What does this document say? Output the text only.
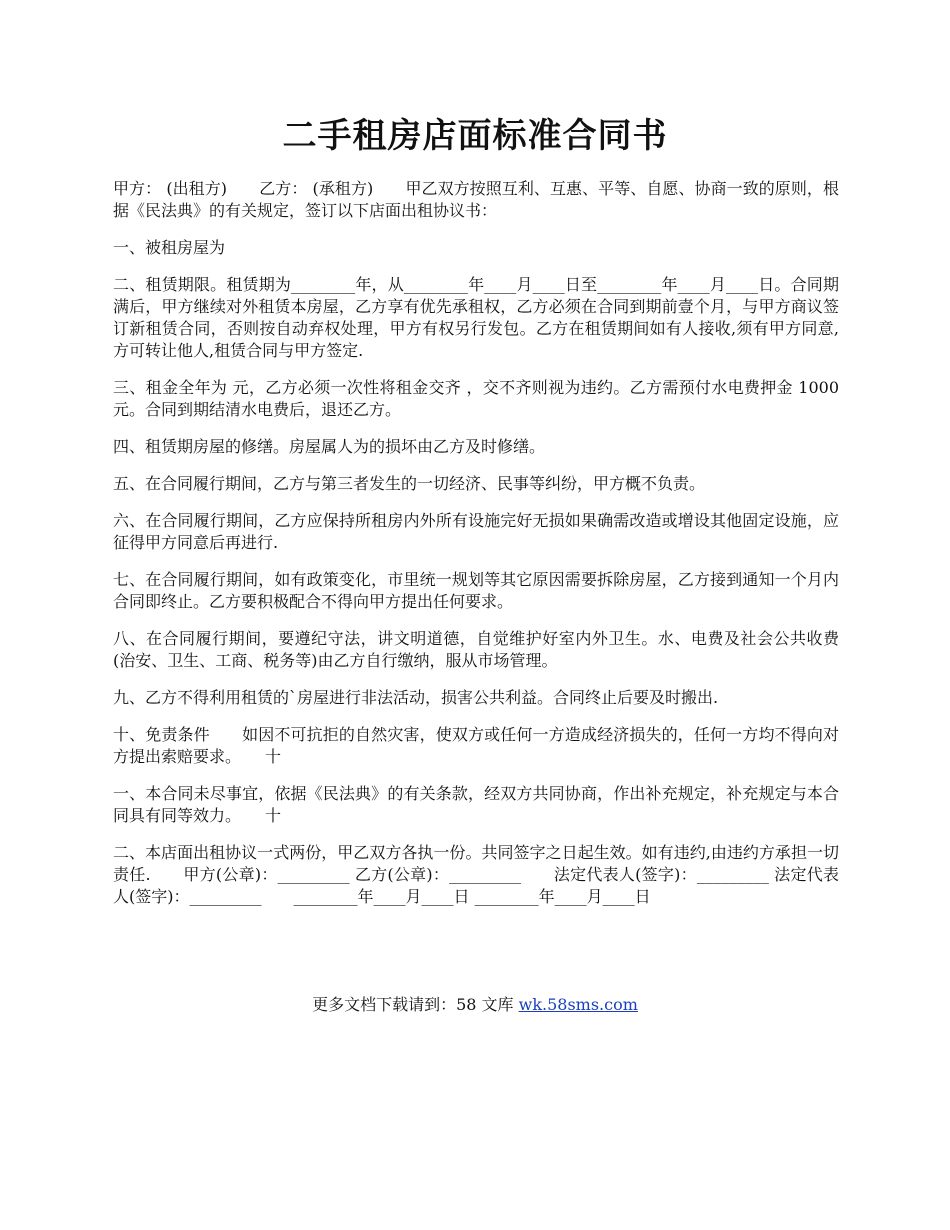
二手租房店面标准合同书

甲方： (出租方)　　乙方： (承租方)　　甲乙双方按照互利、互惠、平等、自愿、协商一致的原则，根据《民法典》的有关规定，签订以下店面出租协议书：

一、被租房屋为

二、租赁期限。租赁期为________年，从________年____月____日至________年____月____日。合同期满后，甲方继续对外租赁本房屋，乙方享有优先承租权，乙方必须在合同到期前壹个月，与甲方商议签订新租赁合同，否则按自动弃权处理，甲方有权另行发包。乙方在租赁期间如有人接收,须有甲方同意,方可转让他人,租赁合同与甲方签定.

三、租金全年为 元，乙方必须一次性将租金交齐 ，交不齐则视为违约。乙方需预付水电费押金 1000 元。合同到期结清水电费后，退还乙方。

四、租赁期房屋的修缮。房屋属人为的损坏由乙方及时修缮。

五、在合同履行期间，乙方与第三者发生的一切经济、民事等纠纷，甲方概不负责。

六、在合同履行期间，乙方应保持所租房内外所有设施完好无损如果确需改造或增设其他固定设施，应征得甲方同意后再进行.

七、在合同履行期间，如有政策变化，市里统一规划等其它原因需要拆除房屋，乙方接到通知一个月内合同即终止。乙方要积极配合不得向甲方提出任何要求。

八、在合同履行期间，要遵纪守法，讲文明道德，自觉维护好室内外卫生。水、电费及社会公共收费(治安、卫生、工商、税务等)由乙方自行缴纳，服从市场管理。

九、乙方不得利用租赁的`房屋进行非法活动，损害公共利益。合同终止后要及时搬出.

十、免责条件　　如因不可抗拒的自然灾害，使双方或任何一方造成经济损失的，任何一方均不得向对方提出索赔要求。　　十

一、本合同未尽事宜，依据《民法典》的有关条款，经双方共同协商，作出补充规定，补充规定与本合同具有同等效力。　　十

二、本店面出租协议一式两份，甲乙双方各执一份。共同签字之日起生效。如有违约,由违约方承担一切责任.　　甲方(公章)：_________ 乙方(公章)：_________　　法定代表人(签字)：_________ 法定代表人(签字)：_________　　________年____月____日 ________年____月____日

更多文档下载请到：58 文库 wk.58sms.com
